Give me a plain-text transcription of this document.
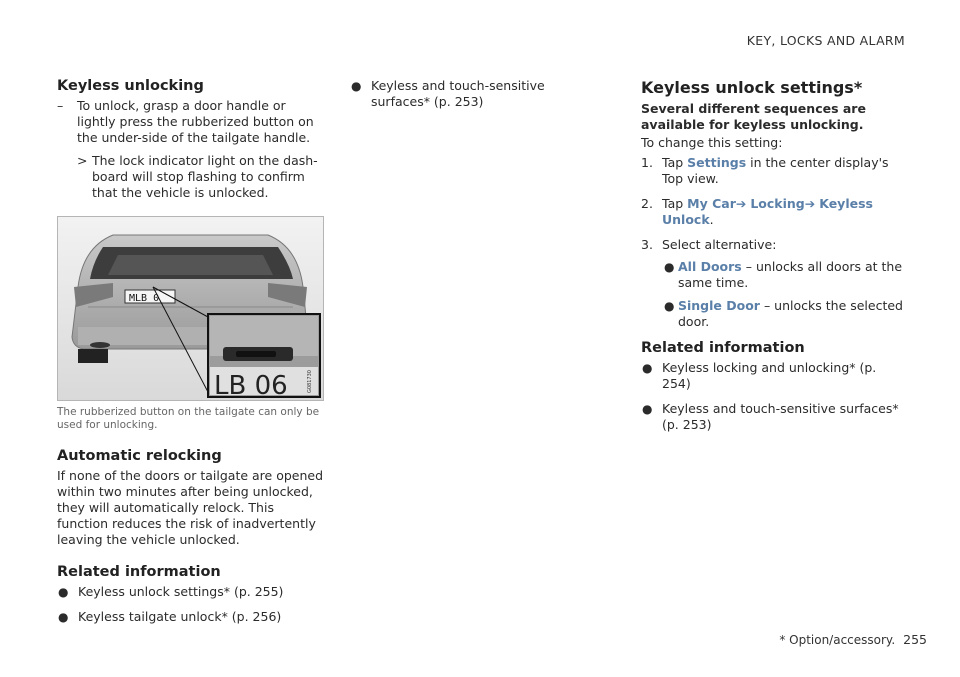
KEY, LOCKS AND ALARM
Keyless unlocking
– To unlock, grasp a door handle or lightly press the rubberized button on the under-side of the tailgate handle.
> The lock indicator light on the dash-board will stop flashing to confirm that the vehicle is unlocked.
MLB 0
LB 06	G081730

The rubberized button on the tailgate can only be used for unlocking.

Automatic relocking

If none of the doors or tailgate are opened within two minutes after being unlocked, they will automatically relock. This function reduces the risk of inadvertently leaving the vehicle unlocked.

Related information
● Keyless unlock settings* (p. 255)
● Keyless tailgate unlock* (p. 256)
● Keyless and touch-sensitive surfaces* (p. 253)
Keyless unlock settings*

Several different sequences are available for keyless unlocking.

To change this setting:

1. Tap Settings in the center display's Top view.
2. Tap My Car➔ Locking➔ Keyless Unlock.
3. Select alternative:
● All Doors – unlocks all doors at the same time.
● Single Door – unlocks the selected door.
Related information
● Keyless locking and unlocking* (p. 254)
● Keyless and touch-sensitive surfaces* (p. 253)
* Option/accessory. 255
